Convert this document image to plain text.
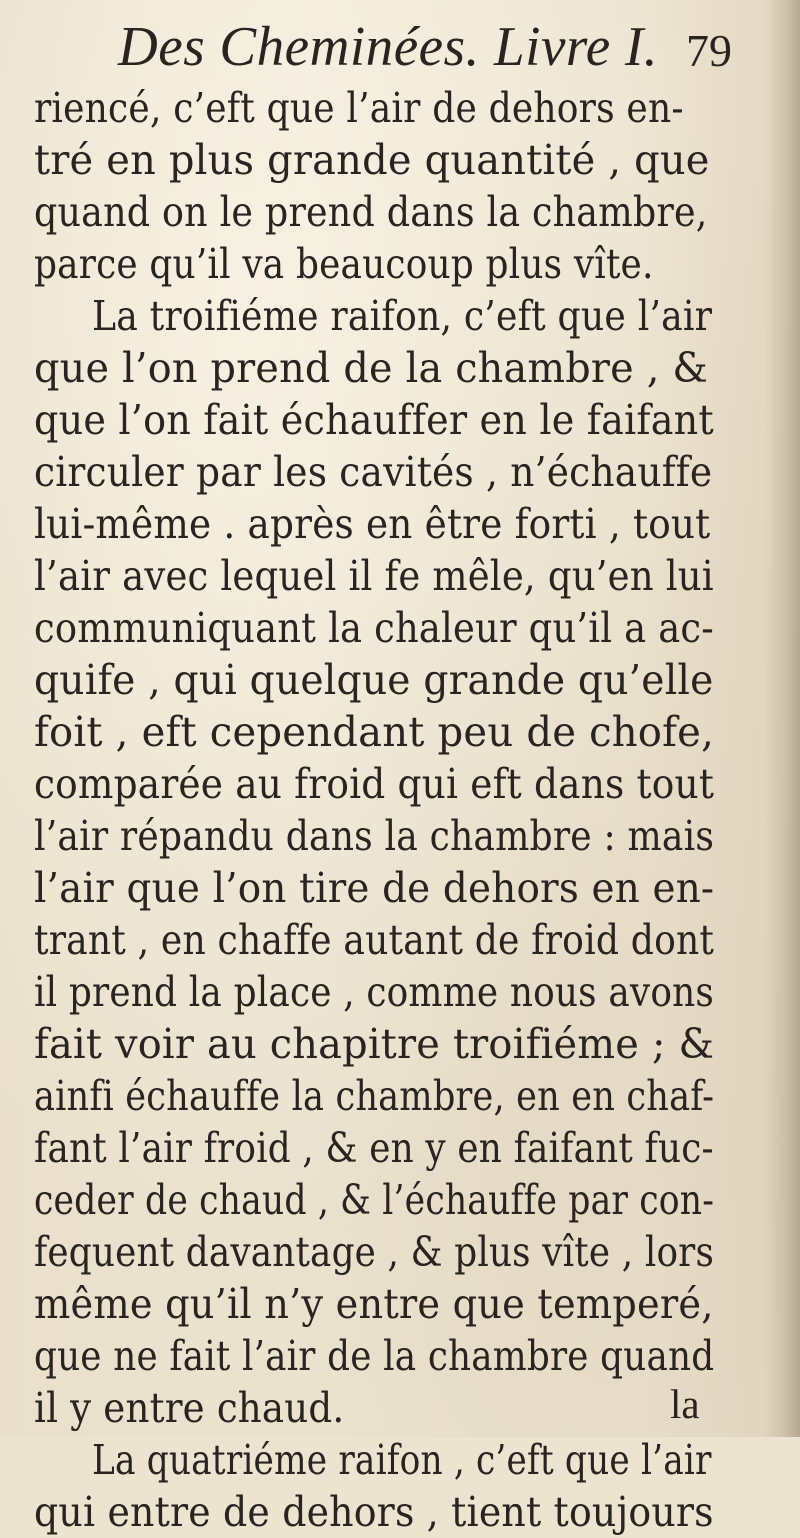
Des Cheminées. Livre I. 79
riencé, c’eft que l’air de dehors en-
tré en plus grande quantité , que
quand on le prend dans la chambre,
parce qu’il va beaucoup plus vîte.
La troifiéme raifon, c’eft que l’air
que l’on prend de la chambre , &
que l’on fait échauffer en le faifant
circuler par les cavités , n’échauffe
lui-même . après en être forti , tout
l’air avec lequel il fe mêle, qu’en lui
communiquant la chaleur qu’il a ac-
quife , qui quelque grande qu’elle
foit , eft cependant peu de chofe,
comparée au froid qui eft dans tout
l’air répandu dans la chambre : mais
l’air que l’on tire de dehors en en-
trant , en chaffe autant de froid dont
il prend la place , comme nous avons
fait voir au chapitre troifiéme ; &
ainfi échauffe la chambre, en en chaf-
fant l’air froid , & en y en faifant fuc-
ceder de chaud , & l’échauffe par con-
fequent davantage , & plus vîte , lors
même qu’il n’y entre que temperé,
que ne fait l’air de la chambre quand
il y entre chaud.
La quatriéme raifon , c’eft que l’air
qui entre de dehors , tient toujours
la
